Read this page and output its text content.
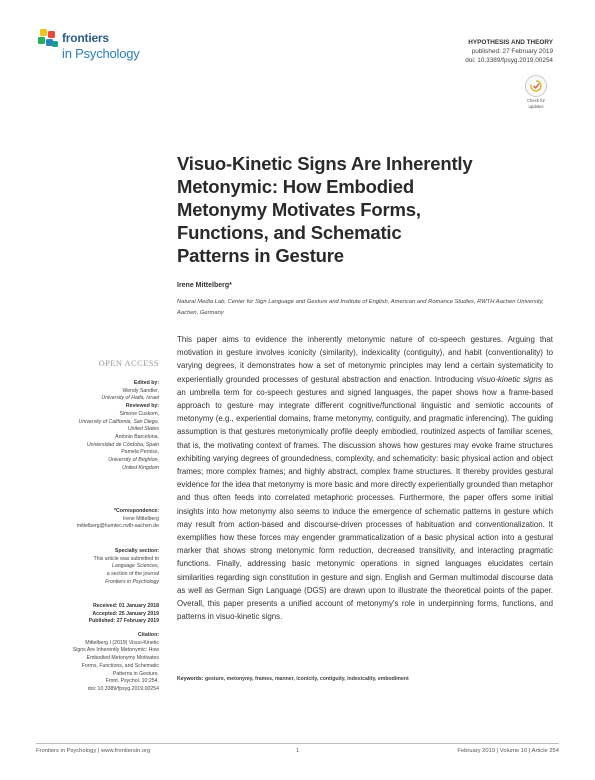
frontiers
in Psychology
HYPOTHESIS AND THEORY
published: 27 February 2019
doi: 10.3389/fpsyg.2019.00254
Check for
updates
Visuo-Kinetic Signs Are Inherently Metonymic: How Embodied Metonymy Motivates Forms, Functions, and Schematic Patterns in Gesture
Irene Mittelberg*
Natural Media Lab, Center for Sign Language and Gesture and Institute of English, American and Romance Studies, RWTH Aachen University, Aachen, Germany
OPEN ACCESS
Edited by:
Wendy Sandler,
University of Haifa, Israel
Reviewed by:
Simone Cuskom,
University of California, San Diego,
United States
Antonio Barcelona,
Universidad de Córdoba, Spain
Pamela Perniss,
University of Brighton,
United Kingdom
*Correspondence:
Irene Mittelberg
mittelberg@humtec.rwth-aachen.de
Specialty section:
This article was submitted to
Language Sciences,
a section of the journal
Frontiers in Psychology
Received: 01 January 2018
Accepted: 25 January 2019
Published: 27 February 2019
Citation:
Mittelberg I (2019) Visuo-Kinetic
Signs Are Inherently Metonymic: How
Embodied Metonymy Motivates
Forms, Functions, and Schematic
Patterns in Gesture.
Front. Psychol. 10:254.
doi: 10.3389/fpsyg.2019.00254

This paper aims to evidence the inherently metonymic nature of co-speech gestures. Arguing that motivation in gesture involves iconicity (similarity), indexicality (contiguity), and habit (conventionality) to varying degrees, it demonstrates how a set of metonymic principles may lend a certain systematicity to experientially grounded processes of gestural abstraction and enaction. Introducing visuo-kinetic signs as an umbrella term for co-speech gestures and signed languages, the paper shows how a frame-based approach to gesture may integrate different cognitive/functional linguistic and semiotic accounts of metonymy (e.g., experiential domains, frame metonymy, contiguity, and pragmatic inferencing). The guiding assumption is that gestures metonymically profile deeply embodied, routinized aspects of familiar scenes, that is, the motivating context of frames. The discussion shows how gestures may evoke frame structures exhibiting varying degrees of groundedness, complexity, and schematicity: basic physical action and object frames; more complex frames; and highly abstract, complex frame structures. It thereby provides gestural evidence for the idea that metonymy is more basic and more directly experientially grounded than metaphor and thus often feeds into correlated metaphoric processes. Furthermore, the paper offers some initial insights into how metonymy also seems to induce the emergence of schematic patterns in gesture which may result from action-based and discourse-driven processes of habituation and conventionalization. It exemplifies how these forces may engender grammaticalization of a basic physical action into a gestural marker that shows strong metonymic form reduction, decreased transitivity, and interacting pragmatic functions. Finally, addressing basic metonymic operations in signed languages elucidates certain similarities regarding sign constitution in gesture and sign. English and German multimodal discourse data as well as German Sign Language (DGS) are drawn upon to illustrate the theoretical points of the paper. Overall, this paper presents a unified account of metonymy's role in underpinning forms, functions, and patterns in visuo-kinetic signs.

Keywords: gesture, metonymy, frames, manner, iconicity, contiguity, indexicality, embodiment
Frontiers in Psychology | www.frontiersin.org	1	February 2019 | Volume 10 | Article 254
